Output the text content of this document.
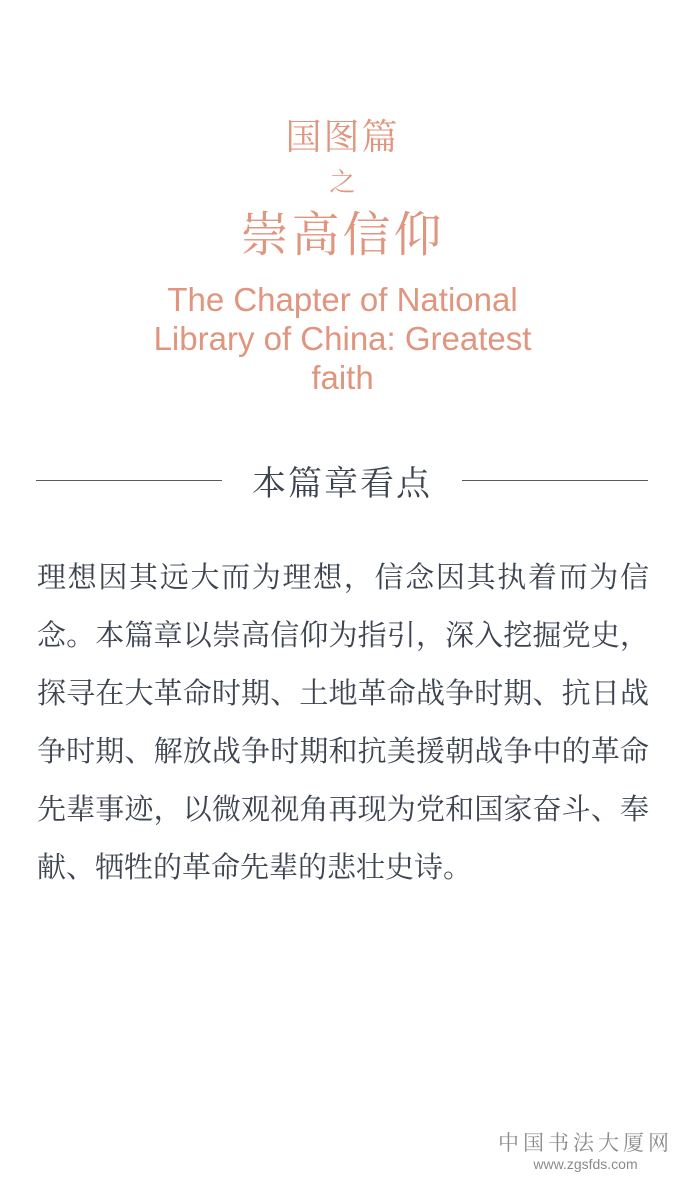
国图篇
之
崇高信仰
The Chapter of National Library of China: Greatest faith
本篇章看点
理想因其远大而为理想，信念因其执着而为信念。本篇章以崇高信仰为指引，深入挖掘党史，探寻在大革命时期、土地革命战争时期、抗日战争时期、解放战争时期和抗美援朝战争中的革命先辈事迹，以微观视角再现为党和国家奋斗、奉献、牺牲的革命先辈的悲壮史诗。
中国书法大厦网
www.zgsfds.com
